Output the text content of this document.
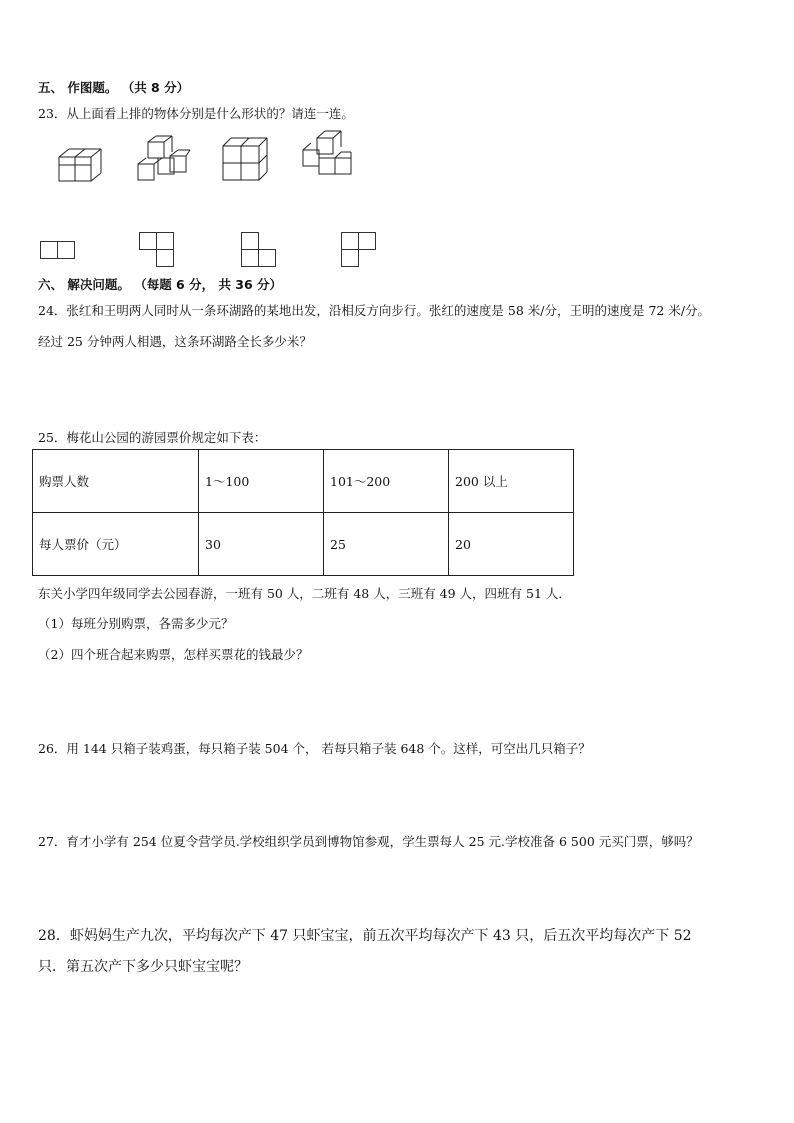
五、 作图题。 （共 8 分）
23．从上面看上排的物体分别是什么形状的？请连一连。
六、 解决问题。 （每题 6 分， 共 36 分）
24．张红和王明两人同时从一条环湖路的某地出发，沿相反方向步行。张红的速度是 58 米/分，王明的速度是 72 米/分。
经过 25 分钟两人相遇，这条环湖路全长多少米？
25．梅花山公园的游园票价规定如下表：
购票人数	1～100	101～200	200 以上
每人票价（元）	30	25	20
东关小学四年级同学去公园春游，一班有 50 人，二班有 48 人，三班有 49 人，四班有 51 人．
（1）每班分别购票，各需多少元？
（2）四个班合起来购票，怎样买票花的钱最少？
26．用 144 只箱子装鸡蛋，每只箱子装 504 个， 若每只箱子装 648 个。这样，可空出几只箱子？
27．育才小学有 254 位夏令营学员.学校组织学员到博物馆参观，学生票每人 25 元.学校准备 6 500 元买门票，够吗？
28．虾妈妈生产九次，平均每次产下 47 只虾宝宝，前五次平均每次产下 43 只，后五次平均每次产下 52
只．第五次产下多少只虾宝宝呢？
